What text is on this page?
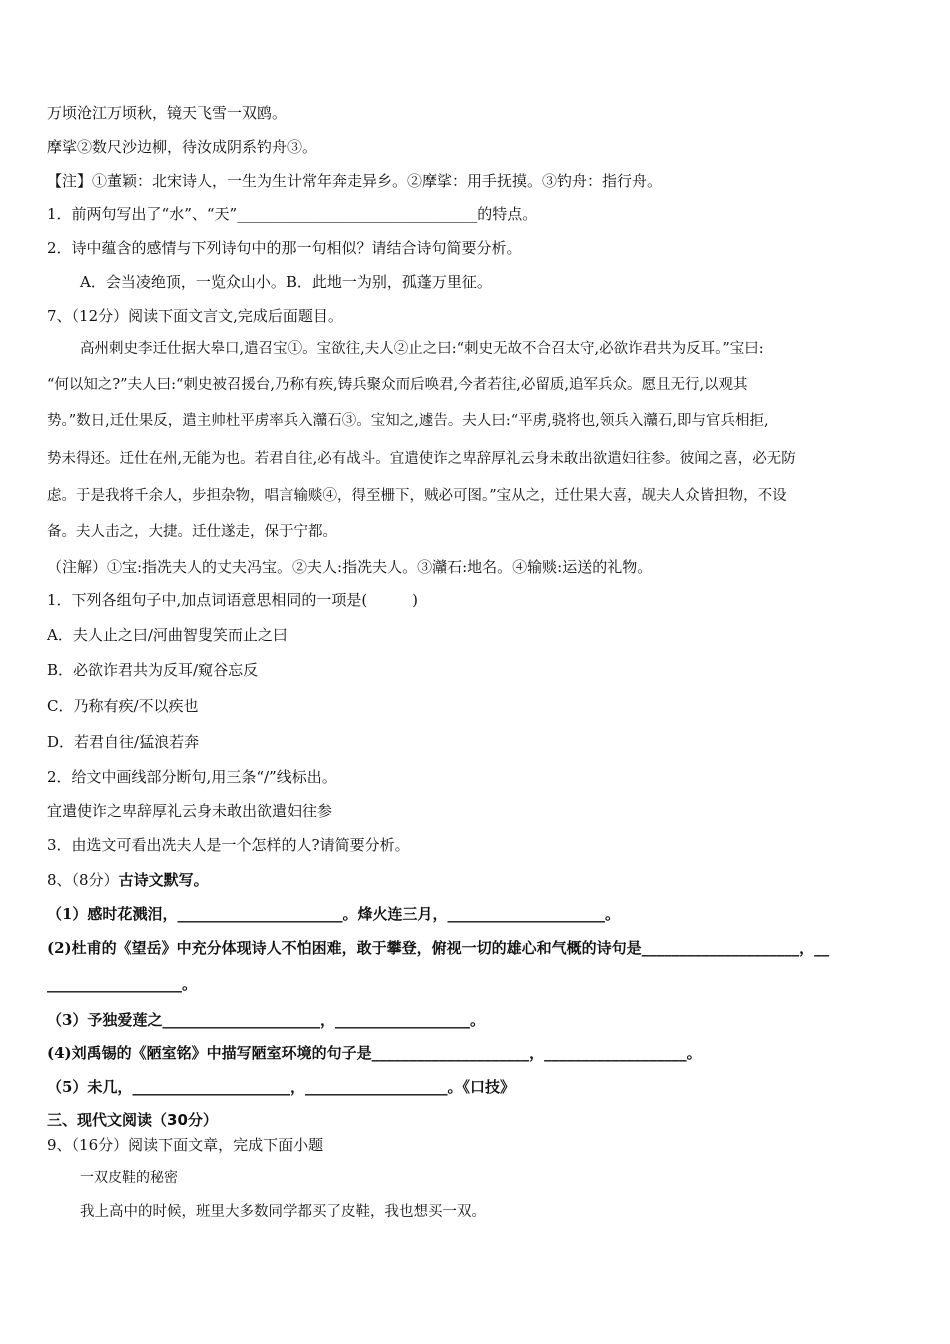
万顷沧江万顷秋，镜天飞雪一双鸥。
摩挲②数尺沙边柳，待汝成阴系钓舟③。
【注】①董颖：北宋诗人，一生为生计常年奔走异乡。②摩挲：用手抚摸。③钓舟：指行舟。
1．前两句写出了“水”、“天”________________________________的特点。
2．诗中蕴含的感情与下列诗句中的那一句相似？请结合诗句简要分析。
A．会当凌绝顶，一览众山小。B．此地一为别，孤蓬万里征。
7、（12分）阅读下面文言文,完成后面题目。
高州刺史李迁仕据大皋口,遣召宝①。宝欲往,夫人②止之曰:“刺史无故不合召太守,必欲诈君共为反耳。”宝曰:
“何以知之?”夫人曰:“刺史被召援台,乃称有疾,铸兵聚众而后唤君,今者若往,必留质,追军兵众。愿且无行,以观其
势。”数日,迁仕果反，遣主帅杜平虏率兵入灨石③。宝知之,遽告。夫人曰:“平虏,骁将也,领兵入灨石,即与官兵相拒,
势未得还。迁仕在州,无能为也。若君自往,必有战斗。宜遣使诈之卑辞厚礼云身未敢出欲遣妇往参。彼闻之喜，必无防
虑。于是我将千余人，步担杂物，唱言输赕④，得至栅下，贼必可图。”宝从之，迁仕果大喜，觇夫人众皆担物，不设
备。夫人击之，大捷。迁仕遂走，保于宁都。
（注解）①宝:指冼夫人的丈夫冯宝。②夫人:指冼夫人。③灨石:地名。④输赕:运送的礼物。
1．下列各组句子中,加点词语意思相同的一项是(　　　)
A．夫人止之曰/河曲智叟笑而止之曰
B．必欲诈君共为反耳/窥谷忘反
C．乃称有疾/不以疾也
D．若君自往/猛浪若奔
2．给文中画线部分断句,用三条“/”线标出。
宜遣使诈之卑辞厚礼云身未敢出欲遣妇往参
3．由选文可看出冼夫人是一个怎样的人?请简要分析。
8、（8分）古诗文默写。
（1）感时花溅泪，______________________。烽火连三月，_____________________。
(2)杜甫的《望岳》中充分体现诗人不怕困难，敢于攀登，俯视一切的雄心和气概的诗句是_____________________，__
__________________。
（3）予独爱莲之_____________________，__________________。
(4)刘禹锡的《陋室铭》中描写陋室环境的句子是_____________________，___________________。
（5）未几，_____________________，___________________。《口技》
三、现代文阅读（30分）
9、（16分）阅读下面文章，完成下面小题
一双皮鞋的秘密
我上高中的时候，班里大多数同学都买了皮鞋，我也想买一双。
